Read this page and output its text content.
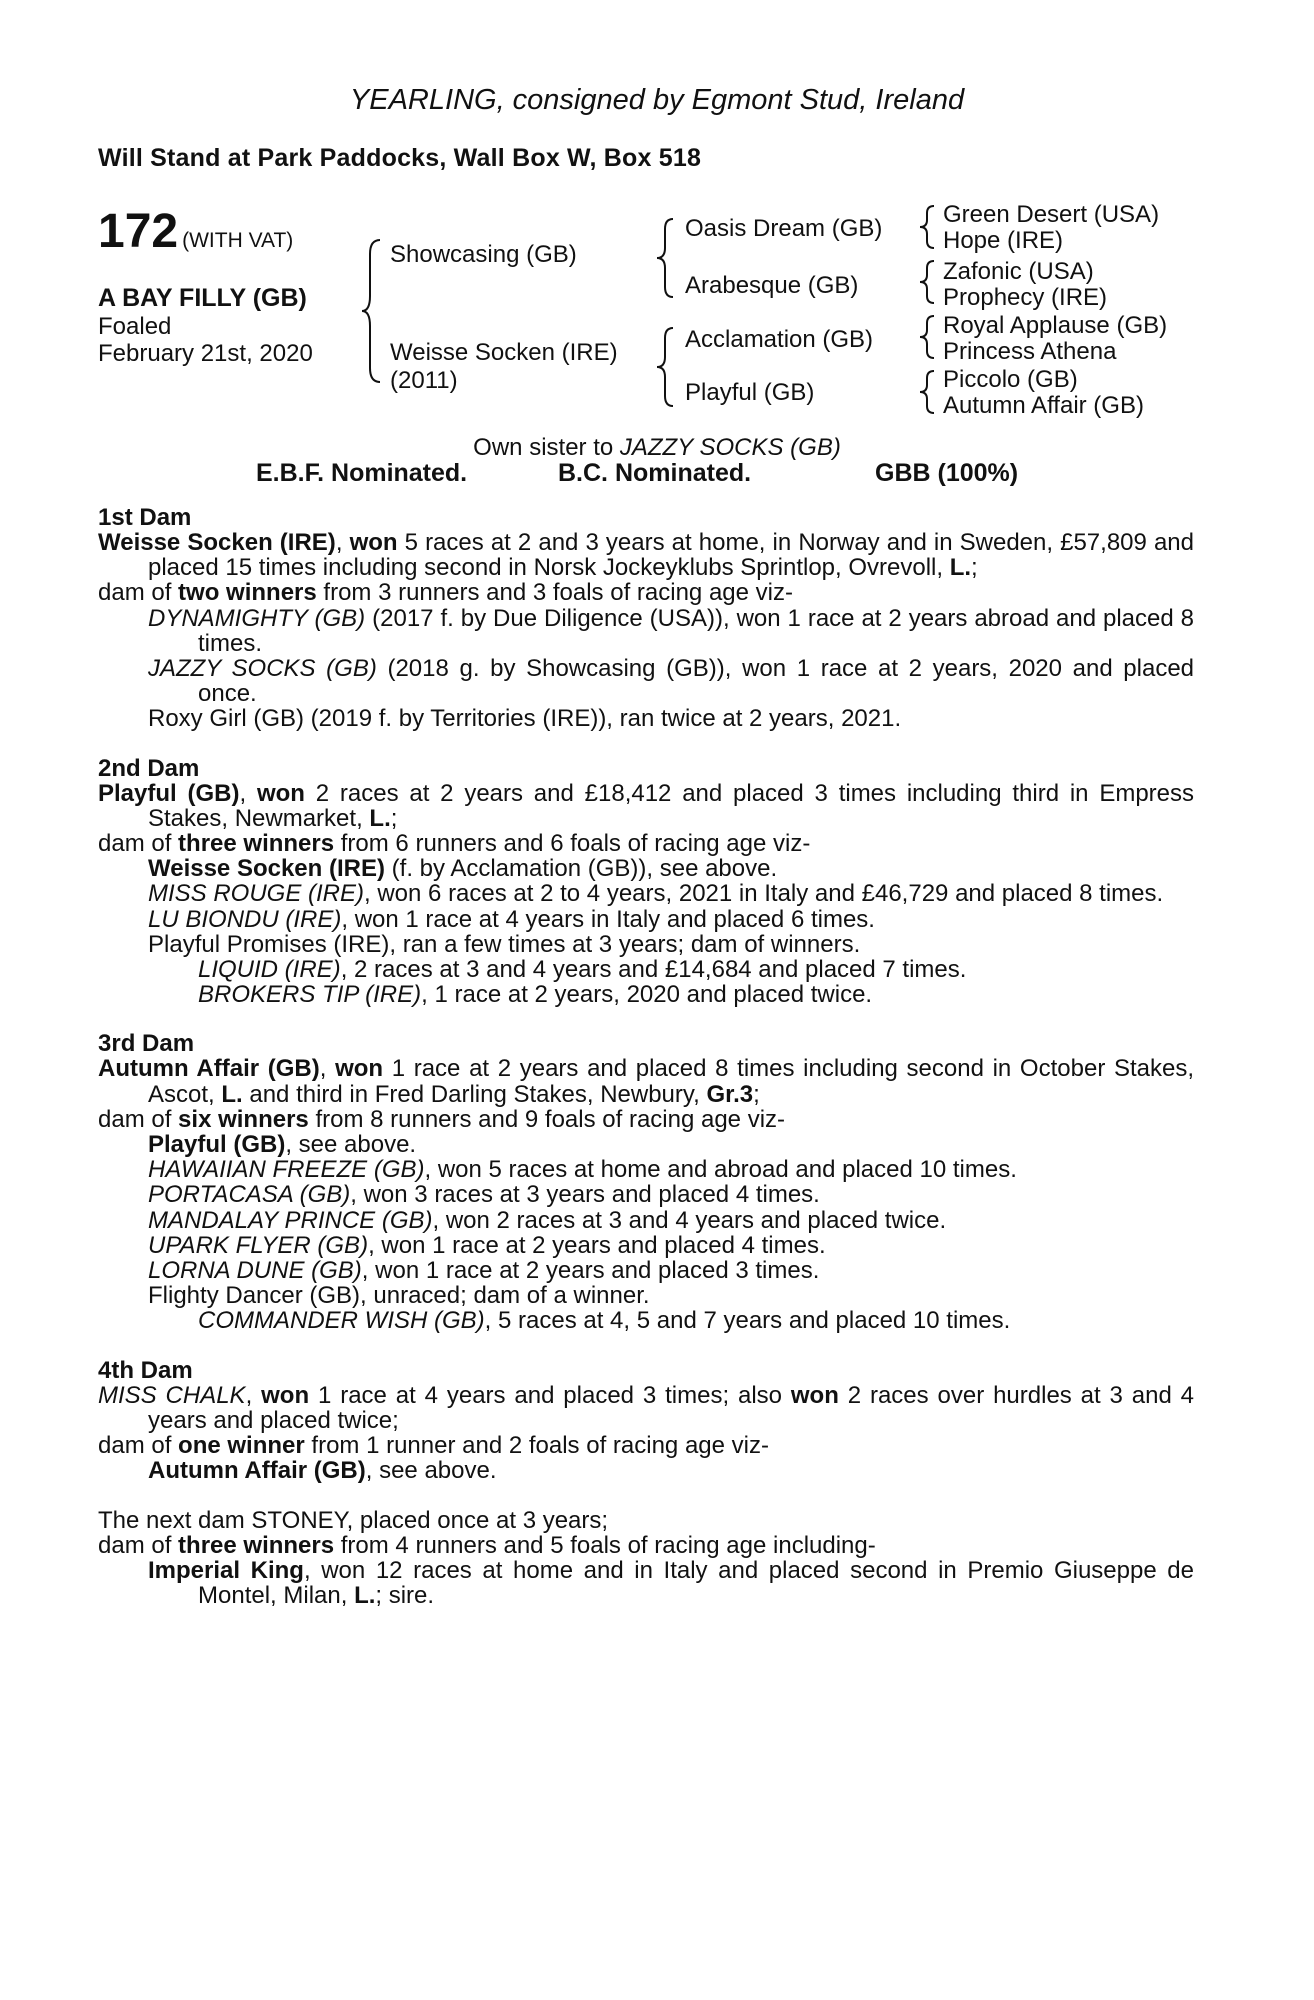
YEARLING, consigned by Egmont Stud, Ireland
Will Stand at Park Paddocks, Wall Box W, Box 518
172 (WITH VAT)
A BAY FILLY (GB)
Foaled
February 21st, 2020
Showcasing (GB)
Weisse Socken (IRE)
(2011)
Oasis Dream (GB)
Arabesque (GB)
Acclamation (GB)
Playful (GB)
Green Desert (USA)
Hope (IRE)
Zafonic (USA)
Prophecy (IRE)
Royal Applause (GB)
Princess Athena
Piccolo (GB)
Autumn Affair (GB)
Own sister to JAZZY SOCKS (GB)
E.B.F. Nominated.	B.C. Nominated.	GBB (100%)
1st Dam
Weisse Socken (IRE), won 5 races at 2 and 3 years at home, in Norway and in Sweden, £57,809 and placed 15 times including second in Norsk Jockeyklubs Sprintlop, Ovrevoll, L.;
dam of two winners from 3 runners and 3 foals of racing age viz-
DYNAMIGHTY (GB) (2017 f. by Due Diligence (USA)), won 1 race at 2 years abroad and placed 8 times.
JAZZY SOCKS (GB) (2018 g. by Showcasing (GB)), won 1 race at 2 years, 2020 and placed once.
Roxy Girl (GB) (2019 f. by Territories (IRE)), ran twice at 2 years, 2021.
2nd Dam
Playful (GB), won 2 races at 2 years and £18,412 and placed 3 times including third in Empress Stakes, Newmarket, L.;
dam of three winners from 6 runners and 6 foals of racing age viz-
Weisse Socken (IRE) (f. by Acclamation (GB)), see above.
MISS ROUGE (IRE), won 6 races at 2 to 4 years, 2021 in Italy and £46,729 and placed 8 times.
LU BIONDU (IRE), won 1 race at 4 years in Italy and placed 6 times.
Playful Promises (IRE), ran a few times at 3 years; dam of winners.
LIQUID (IRE), 2 races at 3 and 4 years and £14,684 and placed 7 times.
BROKERS TIP (IRE), 1 race at 2 years, 2020 and placed twice.
3rd Dam
Autumn Affair (GB), won 1 race at 2 years and placed 8 times including second in October Stakes, Ascot, L. and third in Fred Darling Stakes, Newbury, Gr.3;
dam of six winners from 8 runners and 9 foals of racing age viz-
Playful (GB), see above.
HAWAIIAN FREEZE (GB), won 5 races at home and abroad and placed 10 times.
PORTACASA (GB), won 3 races at 3 years and placed 4 times.
MANDALAY PRINCE (GB), won 2 races at 3 and 4 years and placed twice.
UPARK FLYER (GB), won 1 race at 2 years and placed 4 times.
LORNA DUNE (GB), won 1 race at 2 years and placed 3 times.
Flighty Dancer (GB), unraced; dam of a winner.
COMMANDER WISH (GB), 5 races at 4, 5 and 7 years and placed 10 times.
4th Dam
MISS CHALK, won 1 race at 4 years and placed 3 times; also won 2 races over hurdles at 3 and 4 years and placed twice;
dam of one winner from 1 runner and 2 foals of racing age viz-
Autumn Affair (GB), see above.
The next dam STONEY, placed once at 3 years;
dam of three winners from 4 runners and 5 foals of racing age including-
Imperial King, won 12 races at home and in Italy and placed second in Premio Giuseppe de Montel, Milan, L.; sire.
